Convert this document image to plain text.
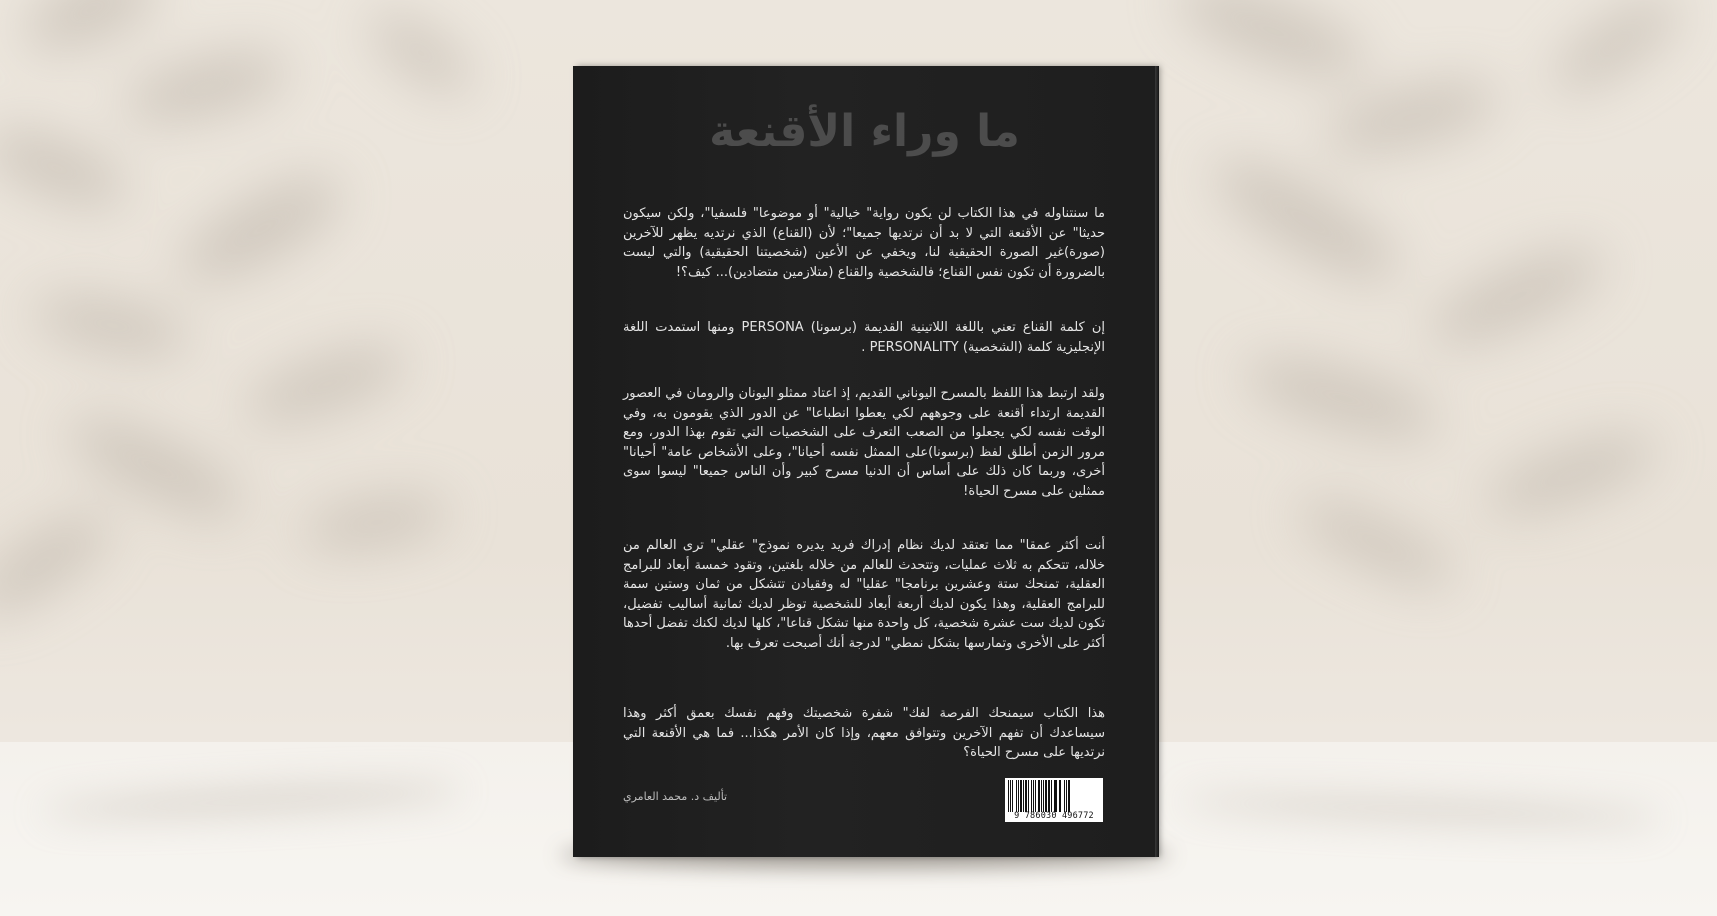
ما وراء الأقنعة
ما سنتناوله في هذا الكتاب لن يكون رواية" خيالية" أو موضوعا" فلسفيا"، ولكن سيكون حديثا" عن الأقنعة التي لا بد أن نرتديها جميعا"؛ لأن (القناع) الذي نرتديه يظهر للآخرين (صورة)غير الصورة الحقيقية لنا، ويخفي عن الأعين (شخصيتنا الحقيقية) والتي ليست بالضرورة أن تكون نفس القناع؛ فالشخصية والقناع (متلازمين متضادين)... كيف؟!
إن كلمة القناع تعني باللغة اللاتينية القديمة (برسونا) PERSONA ومنها استمدت اللغة الإنجليزية كلمة (الشخصية) PERSONALITY .
ولقد ارتبط هذا اللفظ بالمسرح اليوناني القديم، إذ اعتاد ممثلو اليونان والرومان في العصور القديمة ارتداء أقنعة على وجوههم لكي يعطوا انطباعا" عن الدور الذي يقومون به، وفي الوقت نفسه لكي يجعلوا من الصعب التعرف على الشخصيات التي تقوم بهذا الدور، ومع مرور الزمن أطلق لفظ (برسونا)على الممثل نفسه أحيانا"، وعلى الأشخاص عامة" أحيانا" أخرى، وربما كان ذلك على أساس أن الدنيا مسرح كبير وأن الناس جميعا" ليسوا سوى ممثلين على مسرح الحياة!
أنت أكثر عمقا" مما تعتقد لديك نظام إدراك فريد يديره نموذج" عقلي" ترى العالم من خلاله، تتحكم به ثلاث عمليات، وتتحدث للعالم من خلاله بلغتين، وتقود خمسة أبعاد للبرامج العقلية، تمنحك ستة وعشرين برنامجا" عقليا" له وفقيادن تتشكل من ثمان وستين سمة للبرامج العقلية، وهذا يكون لديك أربعة أبعاد للشخصية توظر لديك ثمانية أساليب تفضيل، تكون لديك ست عشرة شخصية، كل واحدة منها تشكل قناعا"، كلها لديك لكنك تفضل أحدها أكثر على الأخرى وتمارسها بشكل نمطي" لدرجة أنك أصبحت تعرف بها.
هذا الكتاب سيمنحك الفرصة لفك" شفرة شخصيتك وفهم نفسك بعمق أكثر وهذا سيساعدك أن تفهم الآخرين وتتوافق معهم، وإذا كان الأمر هكذا... فما هي الأقنعة التي نرتديها على مسرح الحياة؟
تأليف د. محمد العامري
9 786030 496772
